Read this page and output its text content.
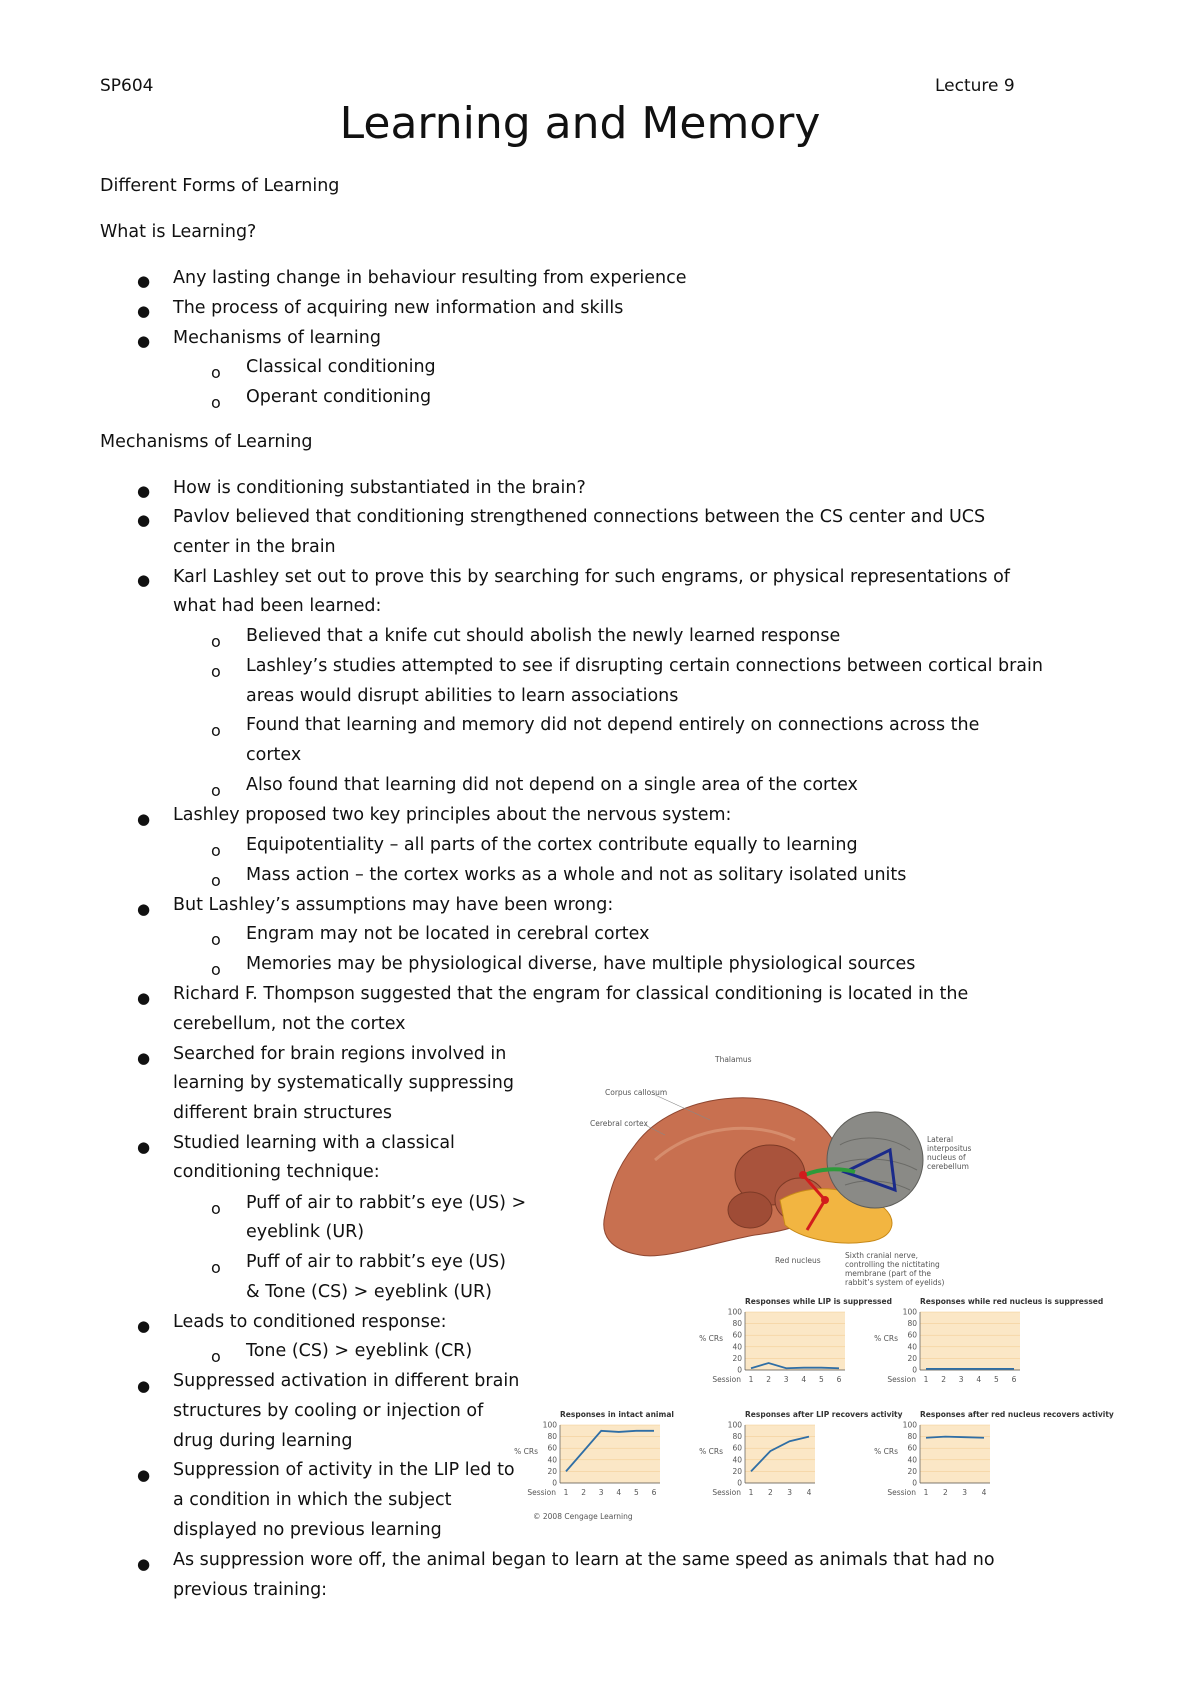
SP604	Lecture 9
Learning and Memory
Different Forms of Learning
What is Learning?
Mechanisms of Learning
●
●
●
●
●
●
●
●
●
●
●
●
●
●
●
o
o
o
o
o
o
o
o
o
o
o
o
o
Any lasting change in behaviour resulting from experience
The process of acquiring new information and skills
Mechanisms of learning
Classical conditioning
Operant conditioning
How is conditioning substantiated in the brain?
Pavlov believed that conditioning strengthened connections between the CS center and UCS
center in the brain
Karl Lashley set out to prove this by searching for such engrams, or physical representations of
what had been learned:
Believed that a knife cut should abolish the newly learned response
Lashley’s studies attempted to see if disrupting certain connections between cortical brain
areas would disrupt abilities to learn associations
Found that learning and memory did not depend entirely on connections across the
cortex
Also found that learning did not depend on a single area of the cortex
Lashley proposed two key principles about the nervous system:
Equipotentiality – all parts of the cortex contribute equally to learning
Mass action – the cortex works as a whole and not as solitary isolated units
But Lashley’s assumptions may have been wrong:
Engram may not be located in cerebral cortex
Memories may be physiological diverse, have multiple physiological sources
Richard F. Thompson suggested that the engram for classical conditioning is located in the
cerebellum, not the cortex
Searched for brain regions involved in
learning by systematically suppressing
different brain structures
Studied learning with a classical
conditioning technique:
Puff of air to rabbit’s eye (US) >
eyeblink (UR)
Puff of air to rabbit’s eye (US)
& Tone (CS) > eyeblink (UR)
Leads to conditioned response:
Tone (CS) > eyeblink (CR)
Suppressed activation in different brain
structures by cooling or injection of
drug during learning
Suppression of activity in the LIP led to
a condition in which the subject
displayed no previous learning
As suppression wore off, the animal began to learn at the same speed as animals that had no
previous training:
Thalamus
Corpus callosum
Cerebral cortex
Lateral
interpositus
nucleus of
cerebellum
Red nucleus
Sixth cranial nerve,
controlling the nictitating
membrane (part of the
rabbit’s system of eyelids)
Responses while LIP is suppressed
0
20
40
60
80
100
% CRs
Session 1 2 3 4 5 6
Responses while red nucleus is suppressed
0
20
40
60
80
100
% CRs
Session 1 2 3 4 5 6
Responses in intact animal
0
20
40
60
80
100
% CRs
Session 1 2 3 4 5 6
Responses after LIP recovers activity
0
20
40
60
80
100
% CRs
Session 1 2 3 4
Responses after red nucleus recovers activity
0
20
40
60
80
100
% CRs
Session 1 2 3 4
© 2008 Cengage Learning
